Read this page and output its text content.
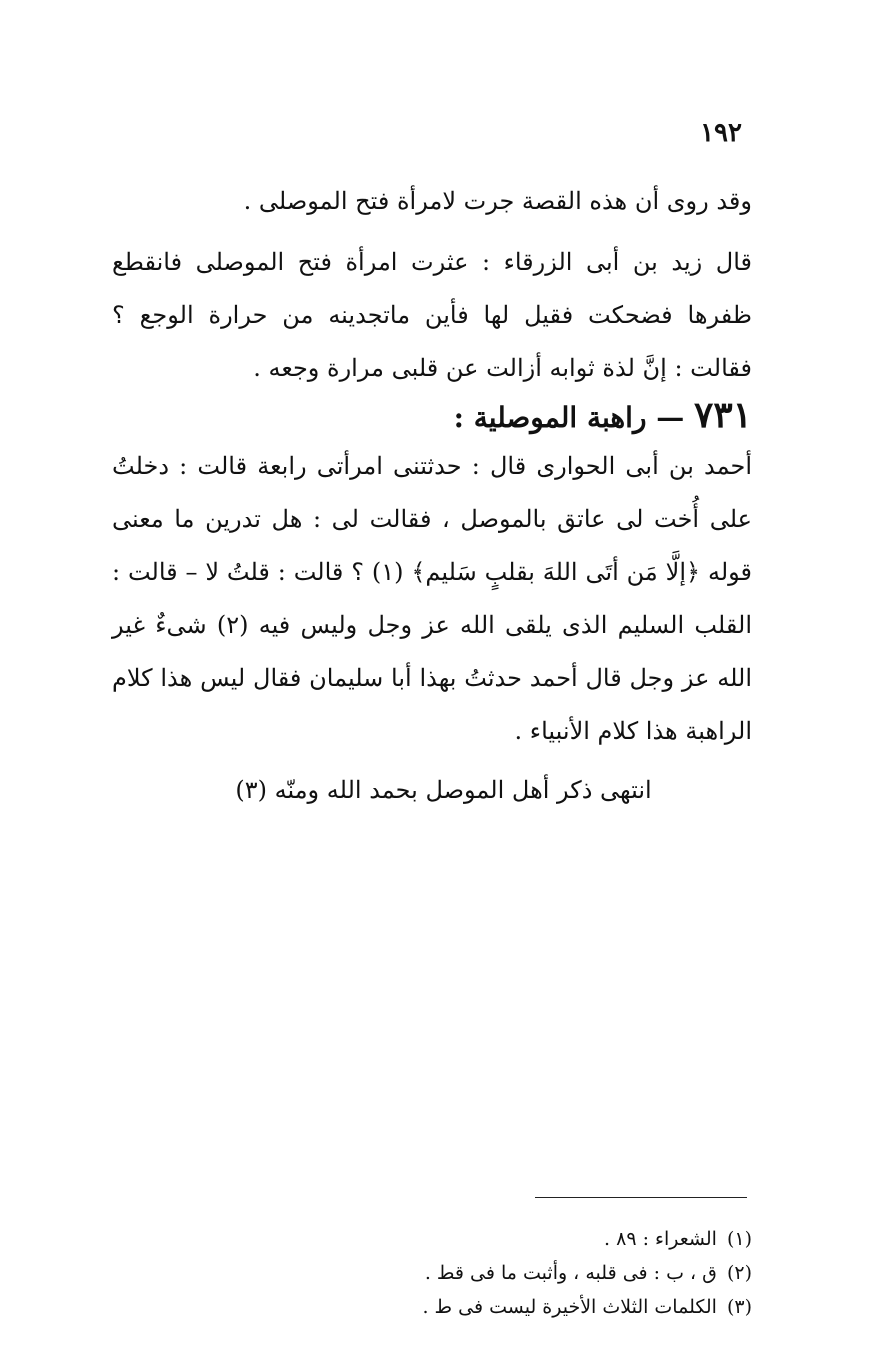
١٩٢
وقد روى أن هذه القصة جرت لامرأة فتح الموصلى .
قال زيد بن أبى الزرقاء : عثرت امرأة فتح الموصلى فانقطع ظفرها فضحكت فقيل لها فأين ماتجدينه من حرارة الوجع ؟ فقالت : إنَّ لذة ثوابه أزالت عن قلبى مرارة وجعه .
٧٣١ — راهبة الموصلية :
أحمد بن أبى الحوارى قال : حدثتنى امرأتى رابعة قالت : دخلتُ على أُخت لى عاتق بالموصل ، فقالت لى : هل تدرين ما معنى قوله ﴿إلَّا مَن أتَى اللهَ بقلبٍ سَليم﴾ (١) ؟ قالت : قلتُ لا – قالت : القلب السليم الذى يلقى الله عز وجل وليس فيه (٢) شىءٌ غير الله عز وجل قال أحمد حدثتُ بهذا أبا سليمان فقال ليس هذا كلام الراهبة هذا كلام الأنبياء .
انتهى ذكر أهل الموصل بحمد الله ومنّه (٣)
(١)الشعراء : ٨٩ .
(٢)ق ، ب : فى قلبه ، وأثبت ما فى قط .
(٣)الكلمات الثلاث الأخيرة ليست فى ط .
